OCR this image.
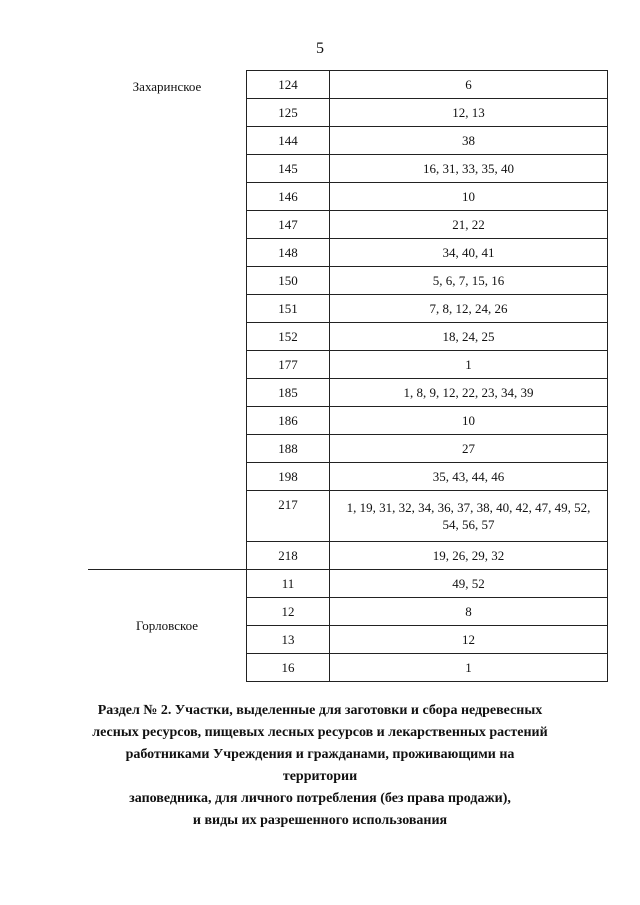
5
Захаринское	124	6
	125	12, 13
	144	38
	145	16, 31, 33, 35, 40
	146	10
	147	21, 22
	148	34, 40, 41
	150	5, 6, 7, 15, 16
	151	7, 8, 12, 24, 26
	152	18, 24, 25
	177	1
	185	1, 8, 9, 12, 22, 23, 34, 39
	186	10
	188	27
	198	35, 43, 44, 46
	217	1, 19, 31, 32, 34, 36, 37, 38, 40, 42, 47, 49, 52, 54, 56, 57
	218	19, 26, 29, 32
Горловское	11	49, 52
	12	8
	13	12
	16	1
Раздел № 2. Участки, выделенные для заготовки и сбора недревесных
лесных ресурсов, пищевых лесных ресурсов и лекарственных растений
работниками Учреждения и гражданами, проживающими на территории
заповедника, для личного потребления (без права продажи),
и виды их разрешенного использования
